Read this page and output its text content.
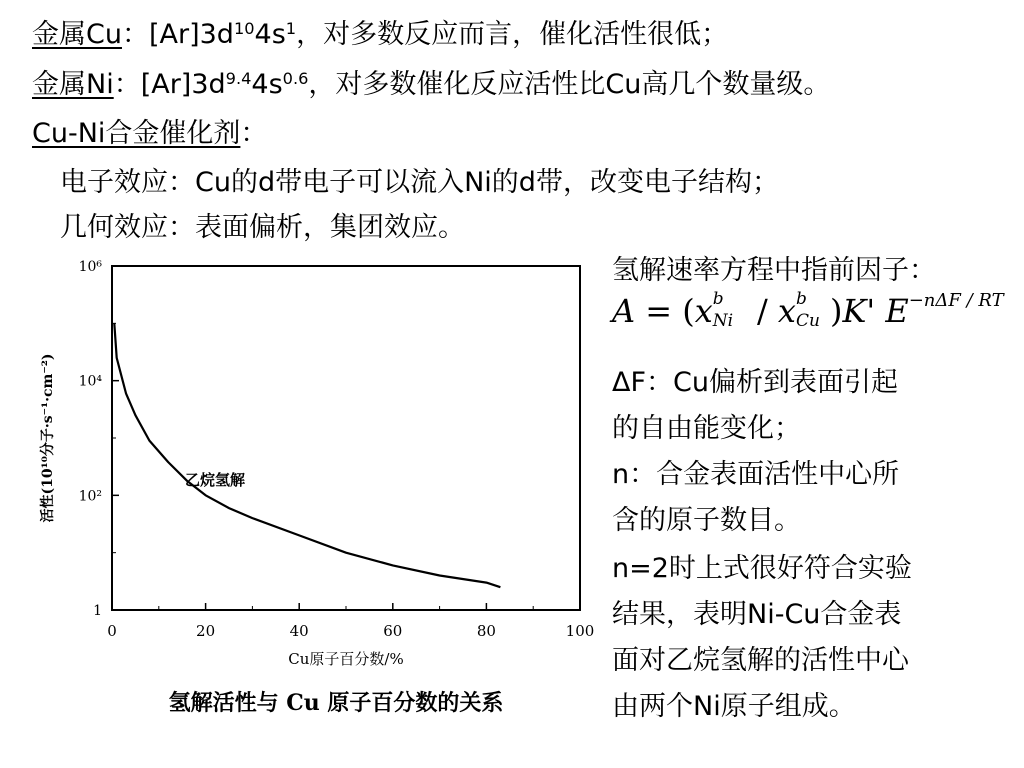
金属Cu：$[Ar]3d^{10}4s^1$，对多数反应而言，催化活性很低；
金属Ni：$[Ar]3d^{9.4}4s^{0.6}$，对多数催化反应活性比Cu高几个数量级。
Cu-Ni合金催化剂：
电子效应：Cu的d带电子可以流入Ni的d带，改变电子结构；
几何效应：表面偏析，集团效应。
氢解速率方程中指前因子：
A = (x b
Ni / x b
Cu )K' $E^{-n\Delta F / RT}$
ΔF：Cu偏析到表面引起
的自由能变化；
n：合金表面活性中心所
含的原子数目。
n=2时上式很好符合实验
结果，表明Ni-Cu合金表
面对乙烷氢解的活性中心
由两个Ni原子组成。
0	20	40	60	80	100
1
10²
10⁴
10⁶
乙烷氢解
Cu原子百分数/%
活性(10¹⁰分子·s⁻¹·cm⁻²)
氢解活性与 Cu 原子百分数的关系
